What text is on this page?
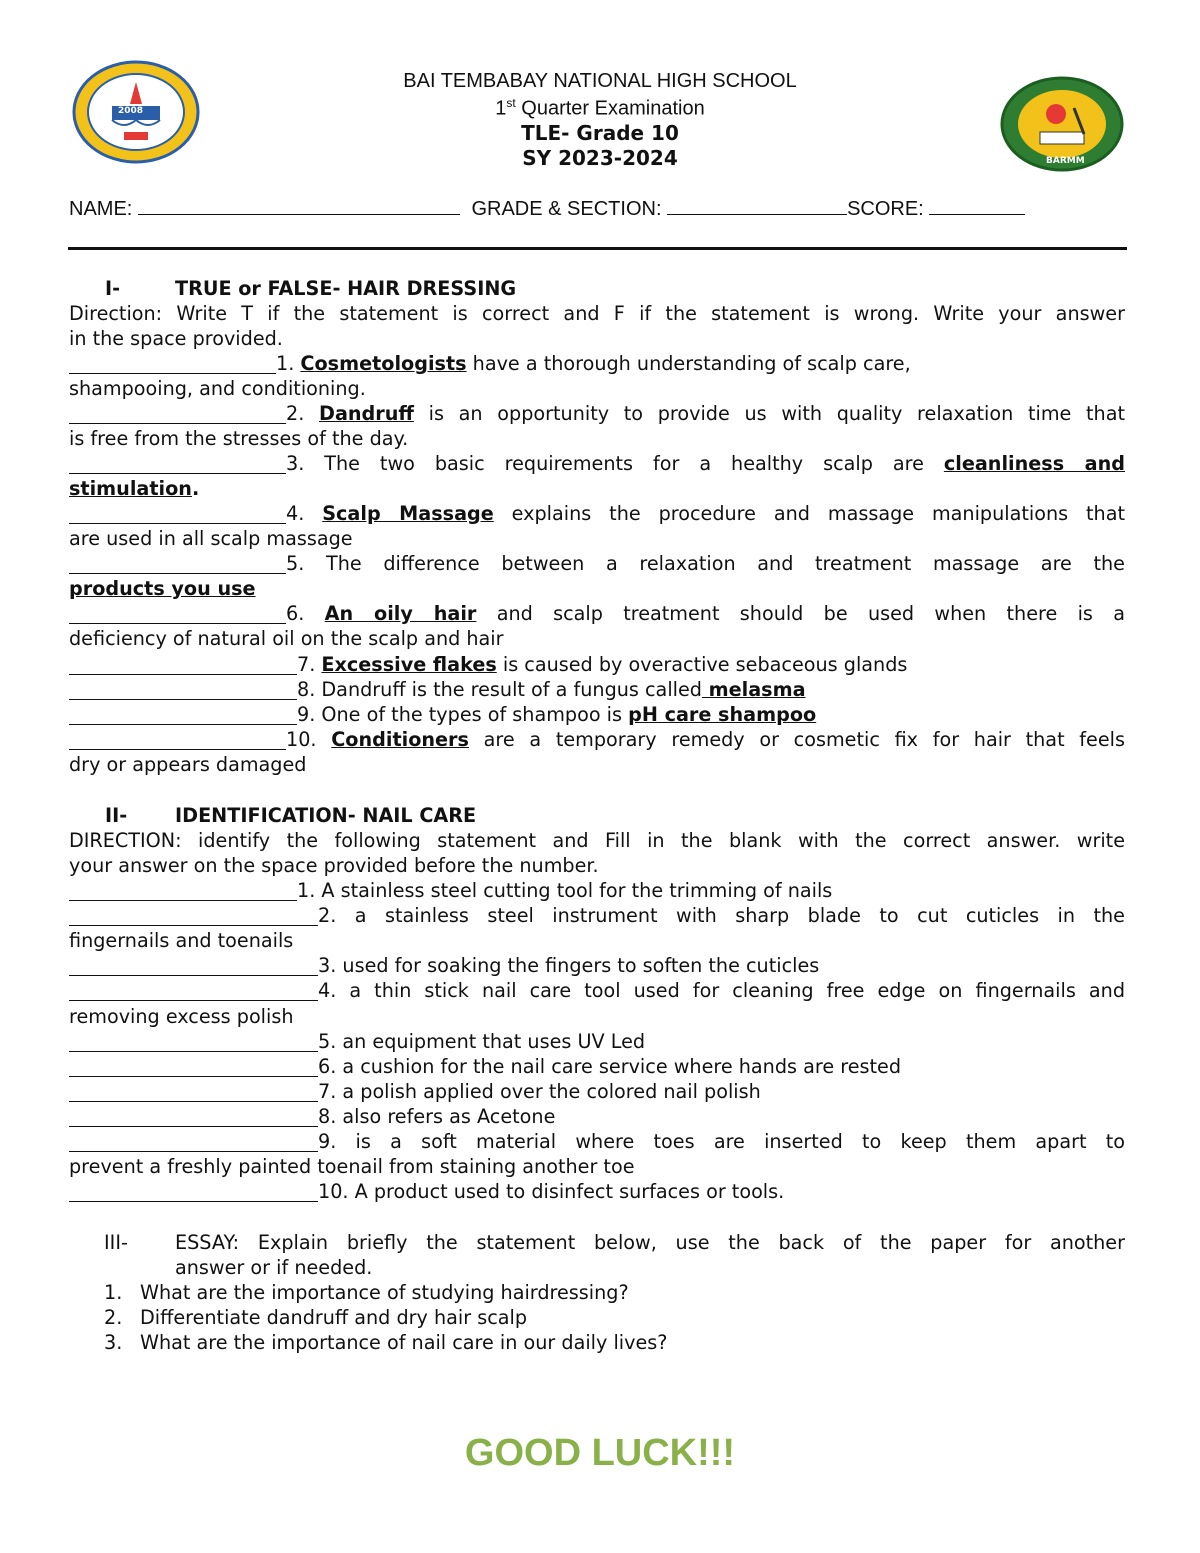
2008
BARMM
BAI TEMBABAY NATIONAL HIGH SCHOOL
1st Quarter Examination
TLE- Grade 10
SY 2023-2024
NAME:	GRADE & SECTION:	SCORE:
I-	TRUE or FALSE- HAIR DRESSING
Direction: Write T if the statement is correct and F if the statement is wrong. Write your answer
in the space provided.
1. Cosmetologists have a thorough understanding of scalp care,
shampooing, and conditioning.
2. Dandruff is an opportunity to provide us with quality relaxation time that
is free from the stresses of the day.
3. The two basic requirements for a healthy scalp are cleanliness and
stimulation.
4. Scalp Massage explains the procedure and massage manipulations that
are used in all scalp massage
5. The difference between a relaxation and treatment massage are the
products you use
6. An oily hair and scalp treatment should be used when there is a
deficiency of natural oil on the scalp and hair
7. Excessive flakes is caused by overactive sebaceous glands
8. Dandruff is the result of a fungus called melasma
9. One of the types of shampoo is pH care shampoo
10. Conditioners are a temporary remedy or cosmetic fix for hair that feels
dry or appears damaged
II- IDENTIFICATION- NAIL CARE
DIRECTION: identify the following statement and Fill in the blank with the correct answer. write
your answer on the space provided before the number.
1. A stainless steel cutting tool for the trimming of nails
2. a stainless steel instrument with sharp blade to cut cuticles in the
fingernails and toenails
3. used for soaking the fingers to soften the cuticles
4. a thin stick nail care tool used for cleaning free edge on fingernails and
removing excess polish
5. an equipment that uses UV Led
6. a cushion for the nail care service where hands are rested
7. a polish applied over the colored nail polish
8. also refers as Acetone
9. is a soft material where toes are inserted to keep them apart to
prevent a freshly painted toenail from staining another toe
10. A product used to disinfect surfaces or tools.
III-	ESSAY: Explain briefly the statement below, use the back of the paper for another
answer or if needed.
1. What are the importance of studying hairdressing?
2. Differentiate dandruff and dry hair scalp
3. What are the importance of nail care in our daily lives?
GOOD LUCK!!!
